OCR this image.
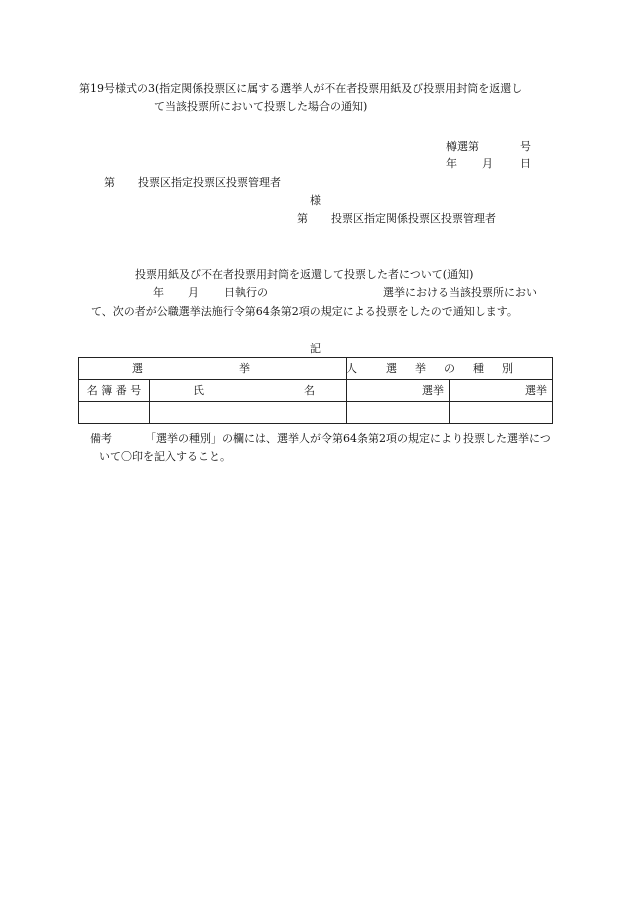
第19号様式の3(指定関係投票区に属する選挙人が不在者投票用紙及び投票用封筒を返還し
て当該投票所において投票した場合の通知)
樽選第	号
年 月 日
第 投票区指定投票区投票管理者
様
第 投票区指定関係投票区投票管理者
投票用紙及び不在者投票用封筒を返還して投票した者について(通知)
年 月 日執行の	選挙における当該投票所におい
て、次の者が公職選挙法施行令第64条第2項の規定による投票をしたので通知します。
記
選 挙 人		選 挙 の 種 別	
名 簿 番 号	氏 名	選挙	選挙

備考	「選挙の種別」の欄には、選挙人が令第64条第2項の規定により投票した選挙につ
いて〇印を記入すること。
